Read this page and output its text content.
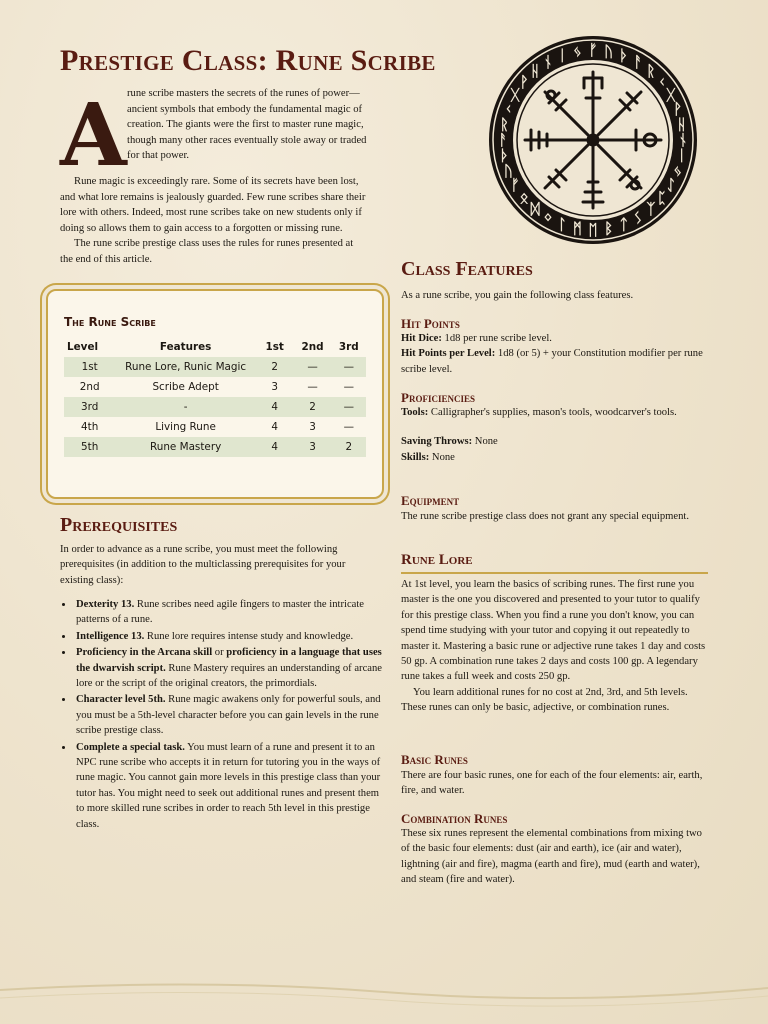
Prestige Class: Rune Scribe
A rune scribe masters the secrets of the runes of power—ancient symbols that embody the fundamental magic of creation. The giants were the first to master rune magic, though many other races eventually stole away or traded for that power.

Rune magic is exceedingly rare. Some of its secrets have been lost, and what lore remains is jealously guarded. Few rune scribes share their lore with others. Indeed, most rune scribes take on new students only if doing so allows them to gain access to a forgotten or missing rune.

The rune scribe prestige class uses the rules for runes presented at the end of this article.

ᚠ ᚢ ᚦ ᚨ ᚱᚲᚷ ᚹ ᚺ ᚾ ᛁ ᛃ ᛇ ᛈ ᛉᛊᛏᛒᛖᛗᛚᛜᛞᛟᚠᚢᚦᚨᚱᚲᚷᚹᚺ ᚾ ᛁ ᛃ
The Rune Scribe
Level	Features	1st	2nd	3rd
1st	Rune Lore, Runic Magic	2	—	—
2nd	Scribe Adept	3	—	—
3rd	-	4	2	—
4th	Living Rune	4	3	—
5th	Rune Mastery	4	3	2
Prerequisites

In order to advance as a rune scribe, you must meet the following prerequisites (in addition to the multiclassing prerequisites for your existing class):

• Dexterity 13. Rune scribes need agile fingers to master the intricate patterns of a rune.
• Intelligence 13. Rune lore requires intense study and knowledge.
• Proficiency in the Arcana skill or proficiency in a language that uses the dwarvish script. Rune Mastery requires an understanding of arcane lore or the script of the original creators, the primordials.
• Character level 5th. Rune magic awakens only for powerful souls, and you must be a 5th-level character before you can gain levels in the rune scribe prestige class.
• Complete a special task. You must learn of a rune and present it to an NPC rune scribe who accepts it in return for tutoring you in the ways of rune magic. You cannot gain more levels in this prestige class than your tutor has. You might need to seek out additional runes and present them to more skilled rune scribes in order to reach 5th level in this prestige class.
Class Features

As a rune scribe, you gain the following class features.

Hit Points

Hit Dice: 1d8 per rune scribe level.

Hit Points per Level: 1d8 (or 5) + your Constitution modifier per rune scribe level.

Proficiencies

Tools: Calligrapher's supplies, mason's tools, woodcarver's tools.

Saving Throws: None

Skills: None

Equipment

The rune scribe prestige class does not grant any special equipment.

Rune Lore

At 1st level, you learn the basics of scribing runes. The first rune you master is the one you discovered and presented to your tutor to qualify for this prestige class. When you find a rune you don't know, you can spend time studying with your tutor and copying it out repeatedly to master it. Mastering a basic rune or adjective rune takes 1 day and costs 50 gp. A combination rune takes 2 days and costs 100 gp. A legendary rune takes a full week and costs 250 gp.

You learn additional runes for no cost at 2nd, 3rd, and 5th levels. These runes can only be basic, adjective, or combination runes.

Basic Runes

There are four basic runes, one for each of the four elements: air, earth, fire, and water.

Combination Runes

These six runes represent the elemental combinations from mixing two of the basic four elements: dust (air and earth), ice (air and water), lightning (air and fire), magma (earth and fire), mud (earth and water), and steam (fire and water).
